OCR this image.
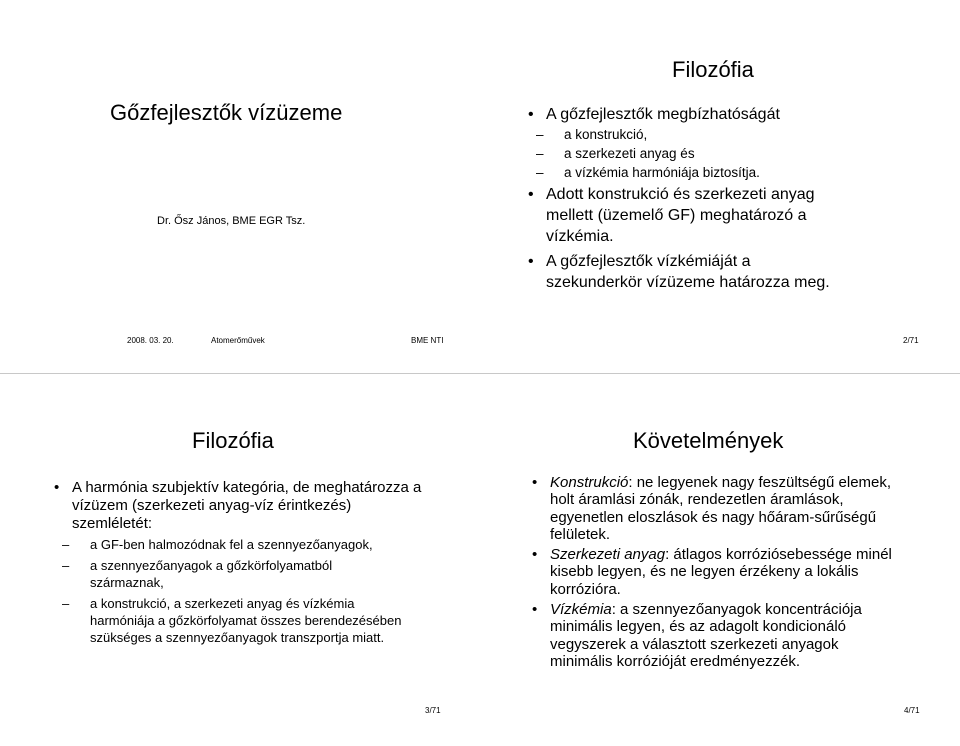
Gőzfejlesztők vízüzeme
Dr. Ősz János, BME EGR Tsz.
Filozófia
• A gőzfejlesztők megbízhatóságát
– a konstrukció,
– a szerkezeti anyag és
– a vízkémia harmóniája biztosítja.
• Adott konstrukció és szerkezeti anyag mellett (üzemelő GF) meghatározó a vízkémia.
• A gőzfejlesztők vízkémiáját a szekunderkör vízüzeme határozza meg.
2008. 03. 20.	Atomerőművek	BME NTI	2/71
Filozófia
• A harmónia szubjektív kategória, de meghatározza a vízüzem (szerkezeti anyag-víz érintkezés) szemléletét:
– a GF-ben halmozódnak fel a szennyezőanyagok,
– a szennyezőanyagok a gőzkörfolyamatból származnak,
– a konstrukció, a szerkezeti anyag és vízkémia harmóniája a gőzkörfolyamat összes berendezésében szükséges a szennyezőanyagok transzportja miatt.
3/71
Követelmények
• Konstrukció: ne legyenek nagy feszültségű elemek, holt áramlási zónák, rendezetlen áramlások, egyenetlen eloszlások és nagy hőáram-sűrűségű felületek.
• Szerkezeti anyag: átlagos korróziósebessége minél kisebb legyen, és ne legyen érzékeny a lokális korrózióra.
• Vízkémia: a szennyezőanyagok koncentrációja minimális legyen, és az adagolt kondicionáló vegyszerek a választott szerkezeti anyagok minimális korrózióját eredményezzék.
4/71
